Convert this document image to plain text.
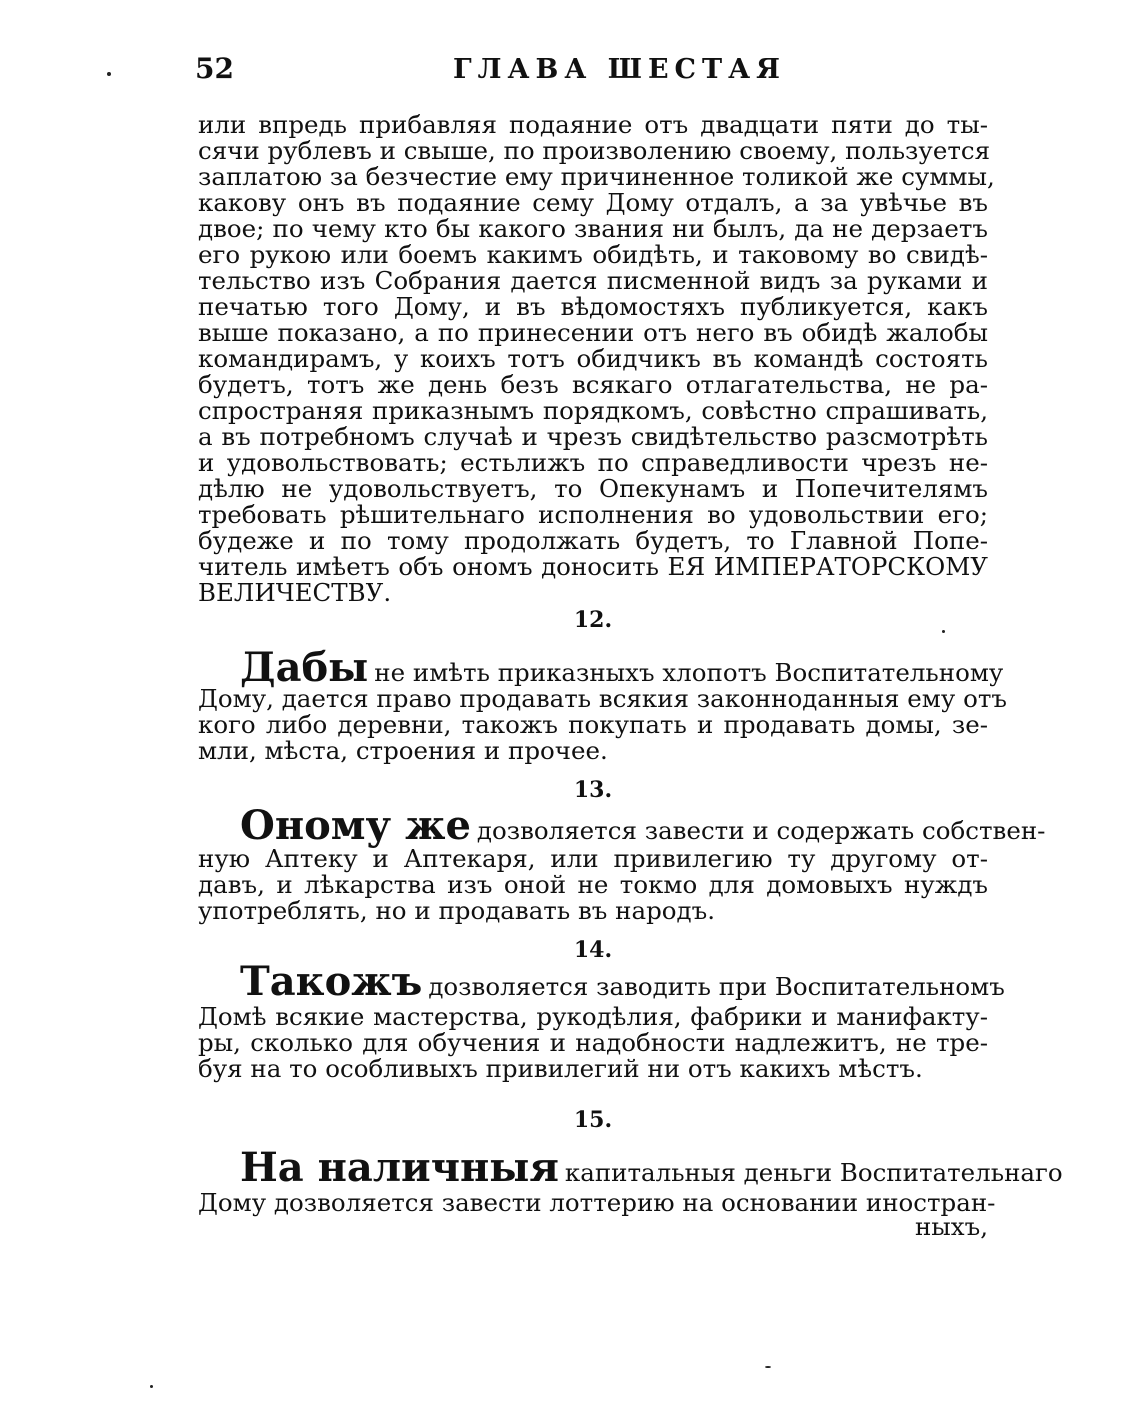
52	ГЛАВА ШЕСТАЯ
или впредь прибавляя подаяние отъ двадцати пяти до ты-
сячи рублевъ и свыше, по произволению своему, пользуется
заплатою за безчестие ему причиненное толикой же суммы,
какову онъ въ подаяние сему Дому отдалъ, а за увѣчье въ
двое; по чему кто бы какого звания ни былъ, да не дерзаетъ
его рукою или боемъ какимъ обидѣть, и таковому во свидѣ-
тельство изъ Собрания дается писменной видъ за руками и
печатью того Дому, и въ вѣдомостяхъ публикуется, какъ
выше показано, а по принесении отъ него въ обидѣ жалобы
командирамъ, у коихъ тотъ обидчикъ въ командѣ состоять
будетъ, тотъ же день безъ всякаго отлагательства, не ра-
спространяя приказнымъ порядкомъ, совѣстно спрашивать,
а въ потребномъ случаѣ и чрезъ свидѣтельство разсмотрѣть
и удовольствовать; естьлижъ по справедливости чрезъ не-
дѣлю не удовольствуетъ, то Опекунамъ и Попечителямъ
требовать рѣшительнаго исполнения во удовольствии его;
будеже и по тому продолжать будетъ, то Главной Попе-
читель имѣетъ объ ономъ доносить ЕЯ ИМПЕРАТОРСКОМУ
ВЕЛИЧЕСТВУ.
12.
Дабы не имѣть приказныхъ хлопотъ Воспитательному
Дому, дается право продавать всякия законноданныя ему отъ
кого либо деревни, такожъ покупать и продавать домы, зе-
мли, мѣста, строения и прочее.
13.
Оному же дозволяется завести и содержать собствен-
ную Аптеку и Аптекаря, или привилегию ту другому от-
давъ, и лѣкарства изъ оной не токмо для домовыхъ нуждъ
употреблять, но и продавать въ народъ.
14.
Такожъ дозволяется заводить при Воспитательномъ
Домѣ всякие мастерства, рукодѣлия, фабрики и манифакту-
ры, сколько для обучения и надобности надлежитъ, не тре-
буя на то особливыхъ привилегий ни отъ какихъ мѣстъ.
15.
На наличныя капитальныя деньги Воспитательнаго
Дому дозволяется завести лоттерию на основании иностран-
ныхъ,
